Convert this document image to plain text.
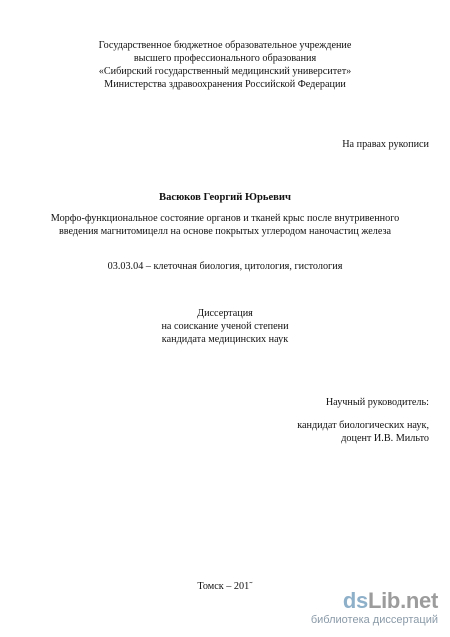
Государственное бюджетное образовательное учреждение
высшего профессионального образования
«Сибирский государственный медицинский университет»
Министерства здравоохранения Российской Федерации
На правах рукописи
Васюков Георгий Юрьевич
Морфо-функциональное состояние органов и тканей крыс после внутривенного
введения магнитомицелл на основе покрытых углеродом наночастиц железа
03.03.04 – клеточная биология, цитология, гистология
Диссертация
на соискание ученой степени
кандидата медицинских наук
Научный руководитель:
кандидат биологических наук,
доцент И.В. Мильто
Томск – 201˜
dsLib.net
библиотека диссертаций
